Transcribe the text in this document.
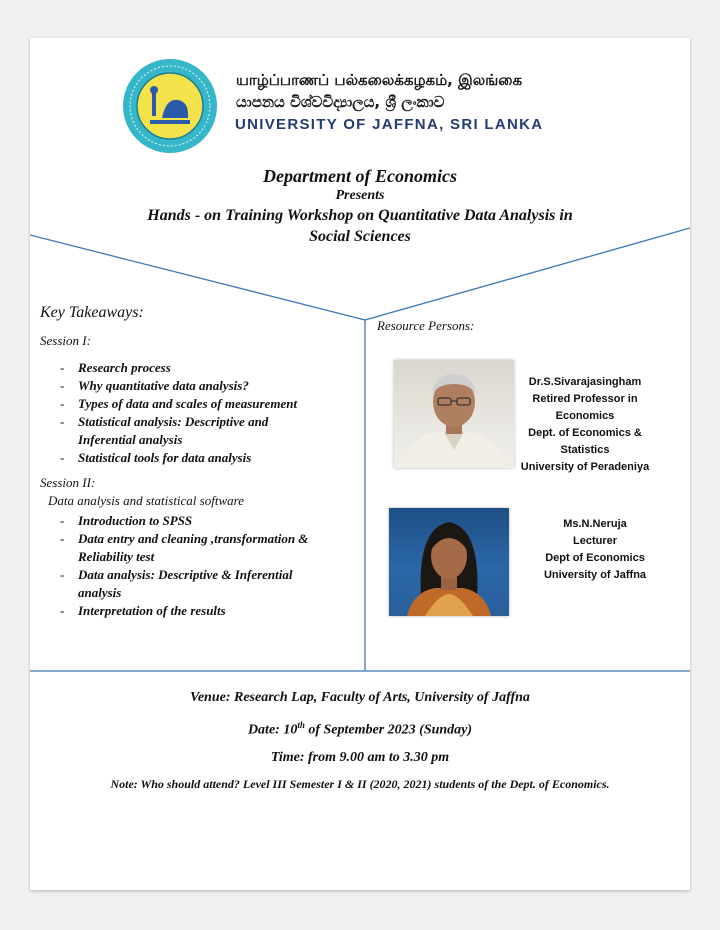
யாழ்ப்பாணப் பல்கலைக்கழகம், இலங்கை
යාපනය විශ්වවිද්‍යාලය, ශ්‍රී ලංකාව
UNIVERSITY OF JAFFNA, SRI LANKA
Department of Economics
Presents
Hands - on Training Workshop on Quantitative Data Analysis in
Social Sciences
Key Takeaways:
Session I:
- Research process
- Why quantitative data analysis?
- Types of data and scales of measurement
- Statistical analysis: Descriptive and Inferential analysis
- Statistical tools for data analysis
Session II:
Data analysis and statistical software
- Introduction to SPSS
- Data entry and cleaning ,transformation & Reliability test
- Data analysis: Descriptive & Inferential analysis
- Interpretation of the results
Resource Persons:
Dr.S.Sivarajasingham
Retired Professor in Economics
Dept. of Economics & Statistics
University of Peradeniya
Ms.N.Neruja
Lecturer
Dept of Economics
University of Jaffna
Venue: Research Lap, Faculty of Arts, University of Jaffna
Date: 10th of September 2023 (Sunday)
Time: from 9.00 am to 3.30 pm
Note: Who should attend? Level III Semester I & II (2020, 2021) students of the Dept. of Economics.
